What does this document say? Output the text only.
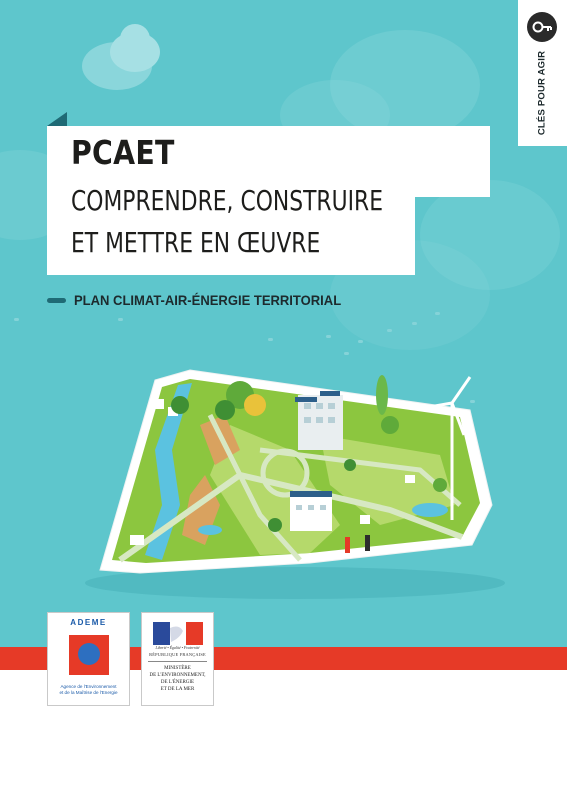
CLÉS POUR AGIR
PCAET
COMPRENDRE, CONSTRUIRE
ET METTRE EN ŒUVRE
PLAN CLIMAT-AIR-ÉNERGIE TERRITORIAL
ADEME
Agence de l'Environnement
et de la Maîtrise de l'Energie
Liberté • Égalité • Fraternité
RÉPUBLIQUE FRANÇAISE
MINISTÈRE
DE L'ENVIRONNEMENT,
DE L'ÉNERGIE
ET DE LA MER
